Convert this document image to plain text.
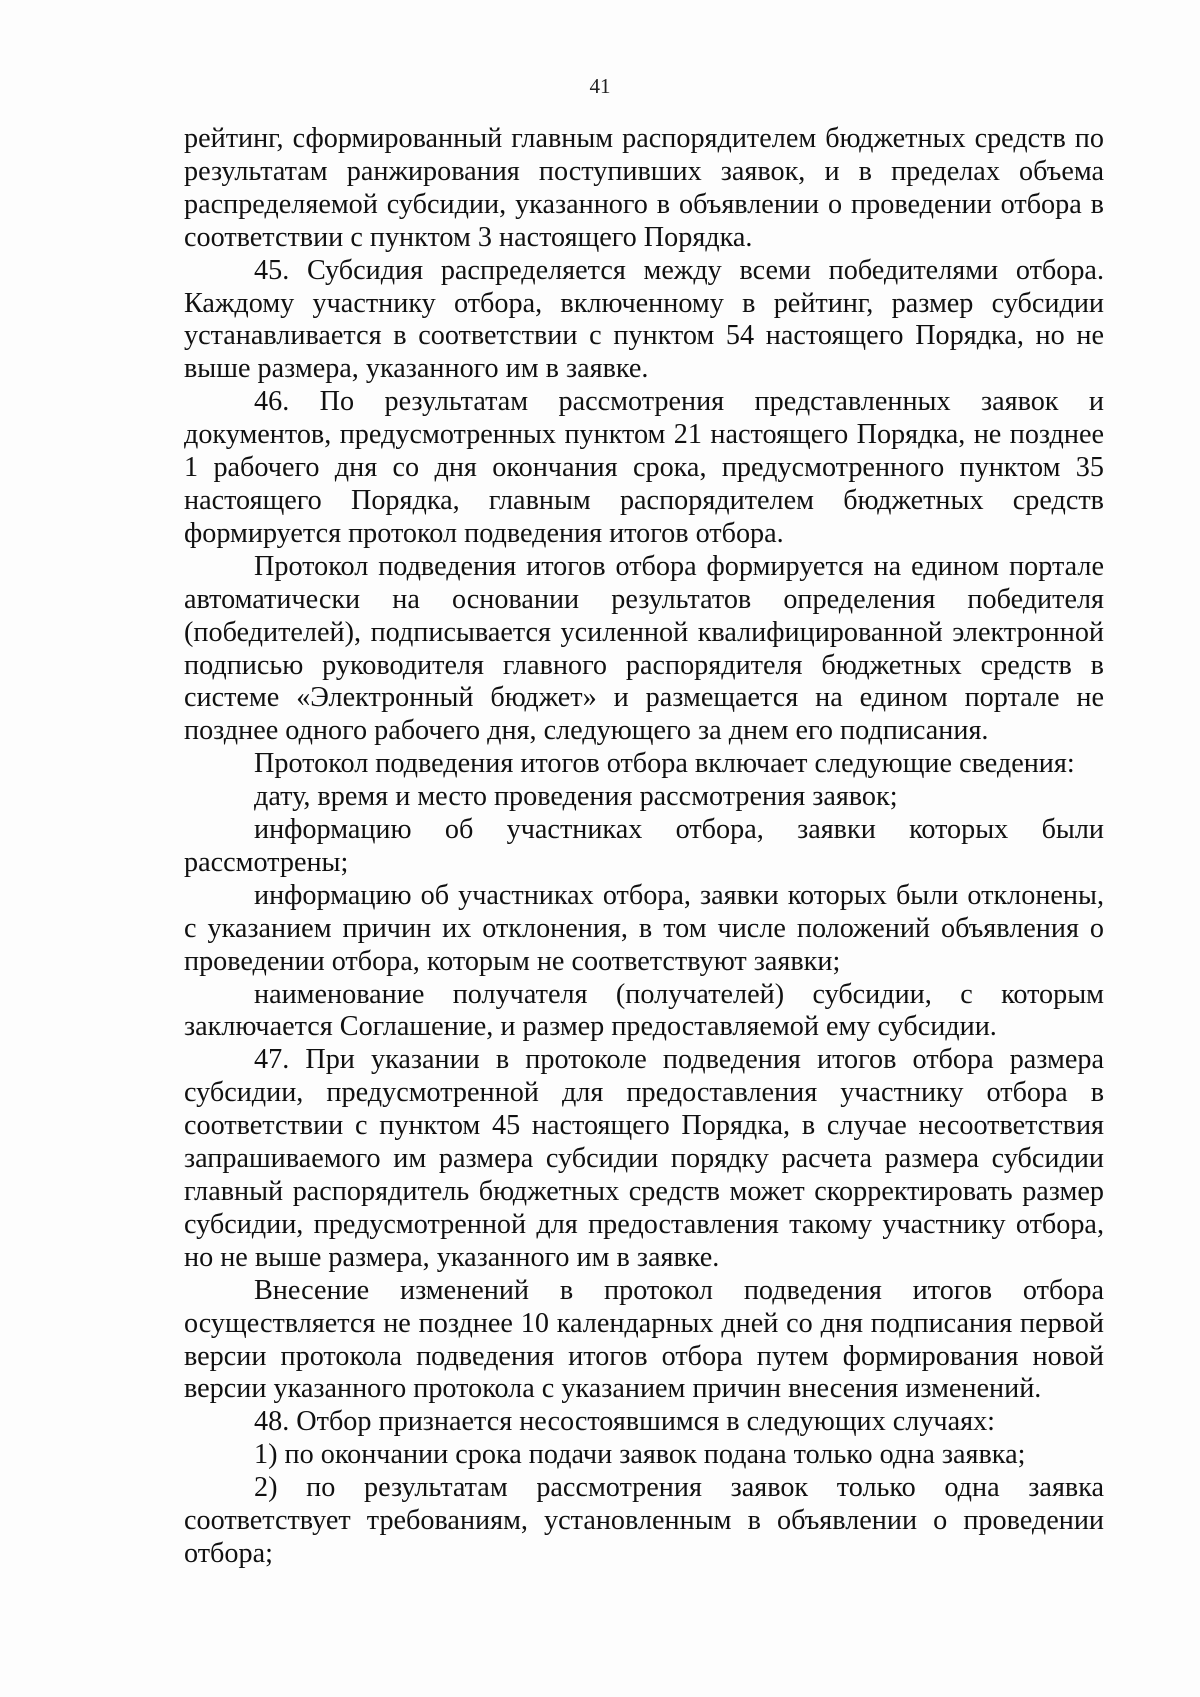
41

рейтинг, сформированный главным распорядителем бюджетных средств по результатам ранжирования поступивших заявок, и в пределах объема распределяемой субсидии, указанного в объявлении о проведении отбора в соответствии с пунктом 3 настоящего Порядка.

45. Субсидия распределяется между всеми победителями отбора. Каждому участнику отбора, включенному в рейтинг, размер субсидии устанавливается в соответствии с пунктом 54 настоящего Порядка, но не выше размера, указанного им в заявке.

46. По результатам рассмотрения представленных заявок и документов, предусмотренных пунктом 21 настоящего Порядка, не позднее 1 рабочего дня со дня окончания срока, предусмотренного пунктом 35 настоящего Порядка, главным распорядителем бюджетных средств формируется протокол подведения итогов отбора.

Протокол подведения итогов отбора формируется на едином портале автоматически на основании результатов определения победителя (победителей), подписывается усиленной квалифицированной электронной подписью руководителя главного распорядителя бюджетных средств в системе «Электронный бюджет» и размещается на едином портале не позднее одного рабочего дня, следующего за днем его подписания.

Протокол подведения итогов отбора включает следующие сведения:

дату, время и место проведения рассмотрения заявок;

информацию об участниках отбора, заявки которых были рассмотрены;

информацию об участниках отбора, заявки которых были отклонены, с указанием причин их отклонения, в том числе положений объявления о проведении отбора, которым не соответствуют заявки;

наименование получателя (получателей) субсидии, с которым заключается Соглашение, и размер предоставляемой ему субсидии.

47. При указании в протоколе подведения итогов отбора размера субсидии, предусмотренной для предоставления участнику отбора в соответствии с пунктом 45 настоящего Порядка, в случае несоответствия запрашиваемого им размера субсидии порядку расчета размера субсидии главный распорядитель бюджетных средств может скорректировать размер субсидии, предусмотренной для предоставления такому участнику отбора, но не выше размера, указанного им в заявке.

Внесение изменений в протокол подведения итогов отбора осуществляется не позднее 10 календарных дней со дня подписания первой версии протокола подведения итогов отбора путем формирования новой версии указанного протокола с указанием причин внесения изменений.

48. Отбор признается несостоявшимся в следующих случаях:

1) по окончании срока подачи заявок подана только одна заявка;

2) по результатам рассмотрения заявок только одна заявка соответствует требованиям, установленным в объявлении о проведении отбора;
